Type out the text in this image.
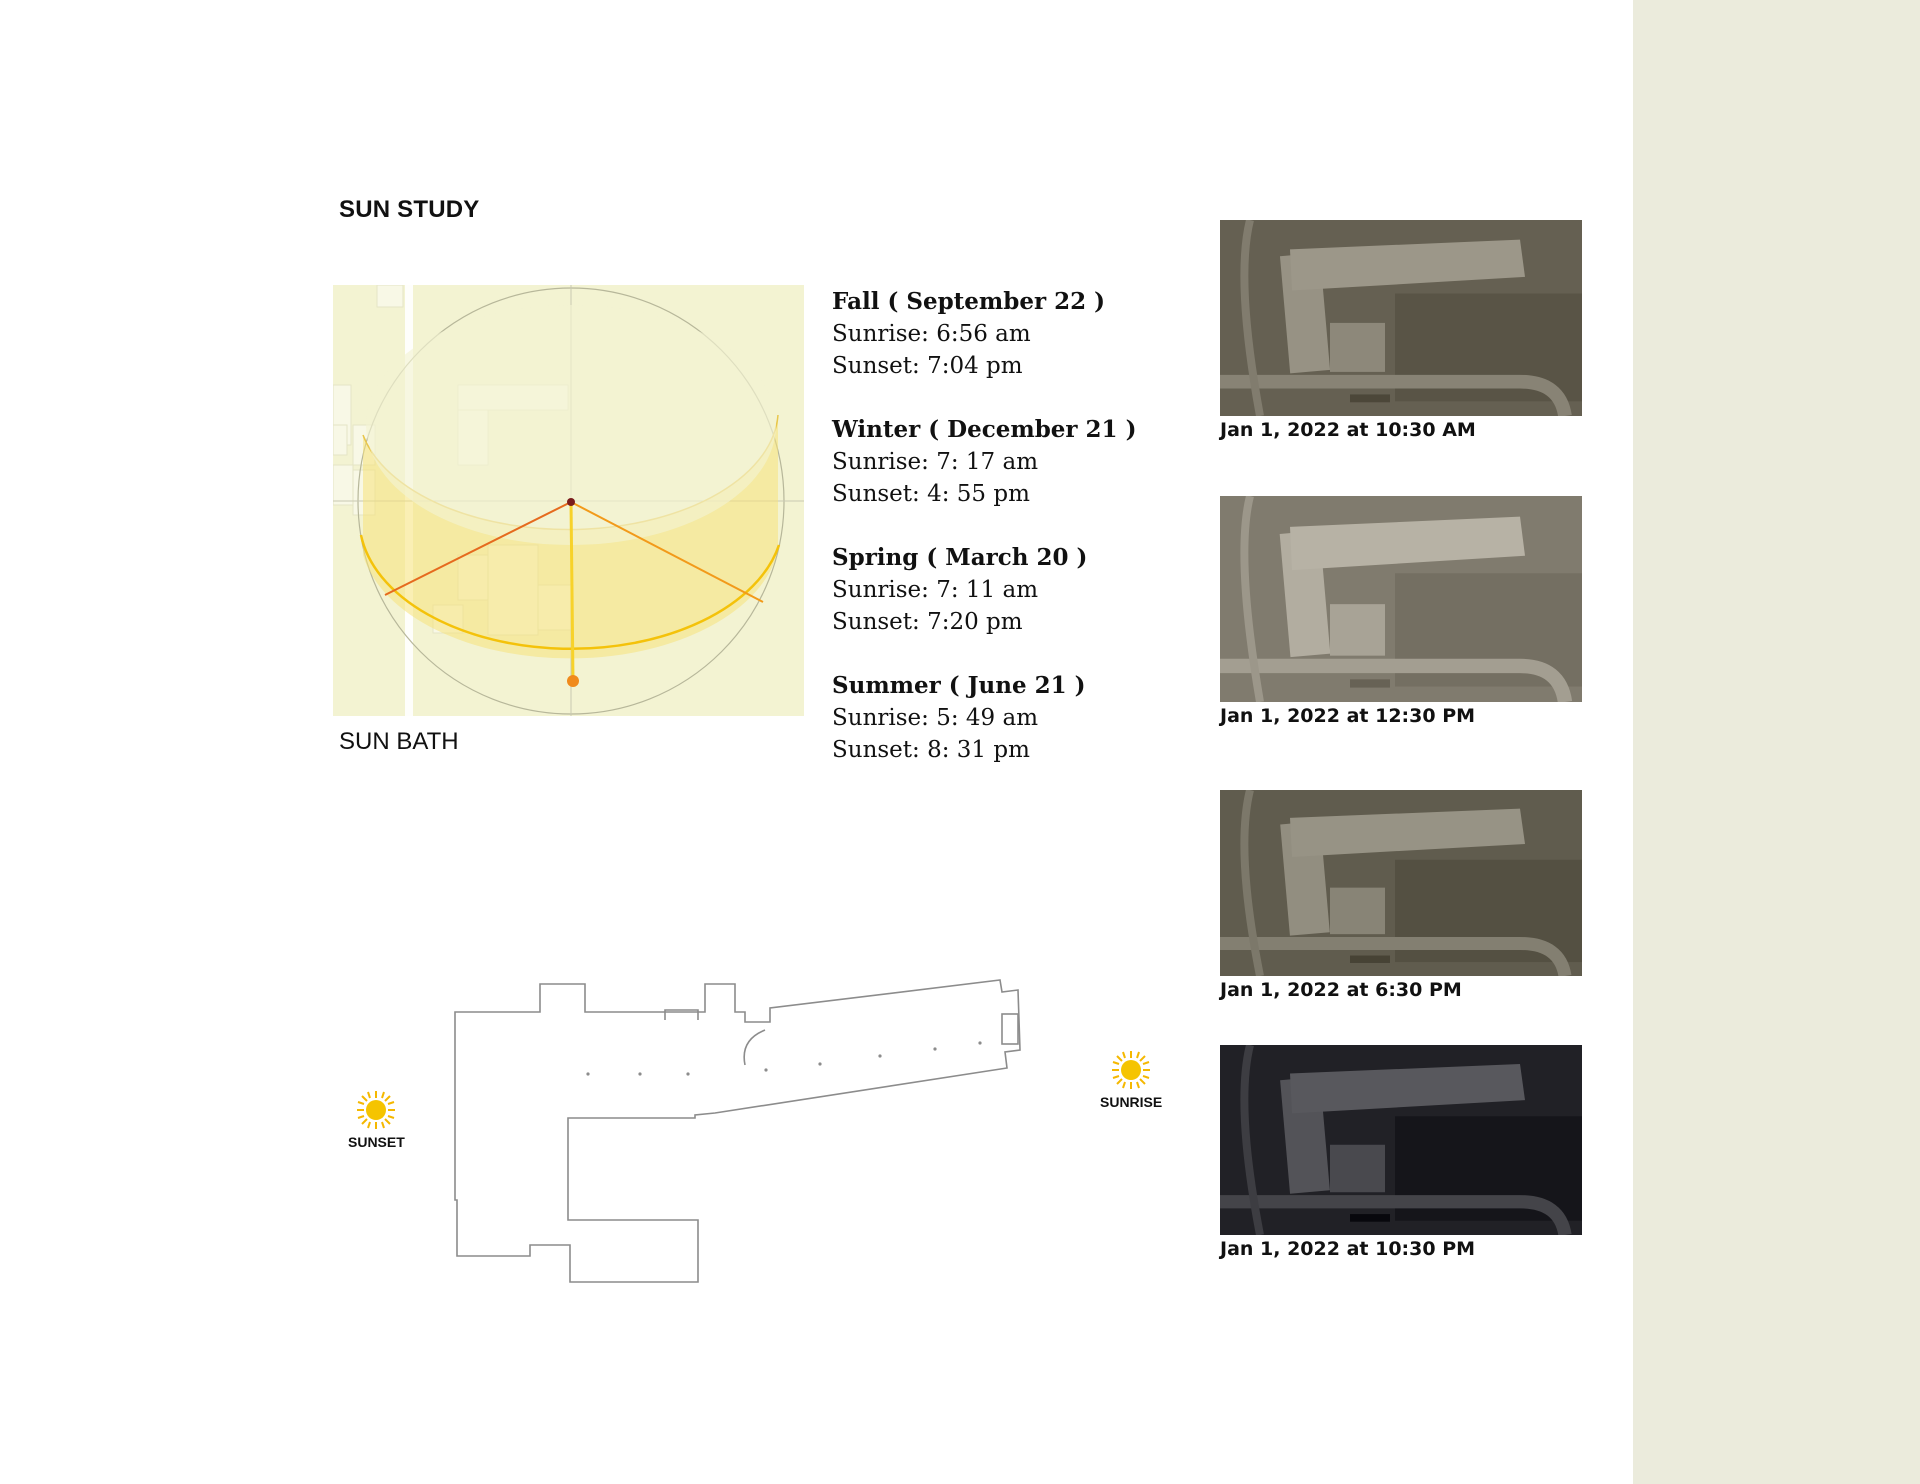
SUN STUDY
SUN BATH
Fall ( September 22 )
Sunrise: 6:56 am
Sunset: 7:04 pm
Winter ( December 21 )
Sunrise: 7: 17 am
Sunset: 4: 55 pm
Spring ( March 20 )
Sunrise: 7: 11 am
Sunset: 7:20 pm
Summer ( June 21 )
Sunrise: 5: 49 am
Sunset: 8: 31 pm
Jan 1, 2022 at 10:30 AM
Jan 1, 2022 at 12:30 PM
Jan 1, 2022 at 6:30 PM
Jan 1, 2022 at 10:30 PM
SUNSET
SUNRISE
